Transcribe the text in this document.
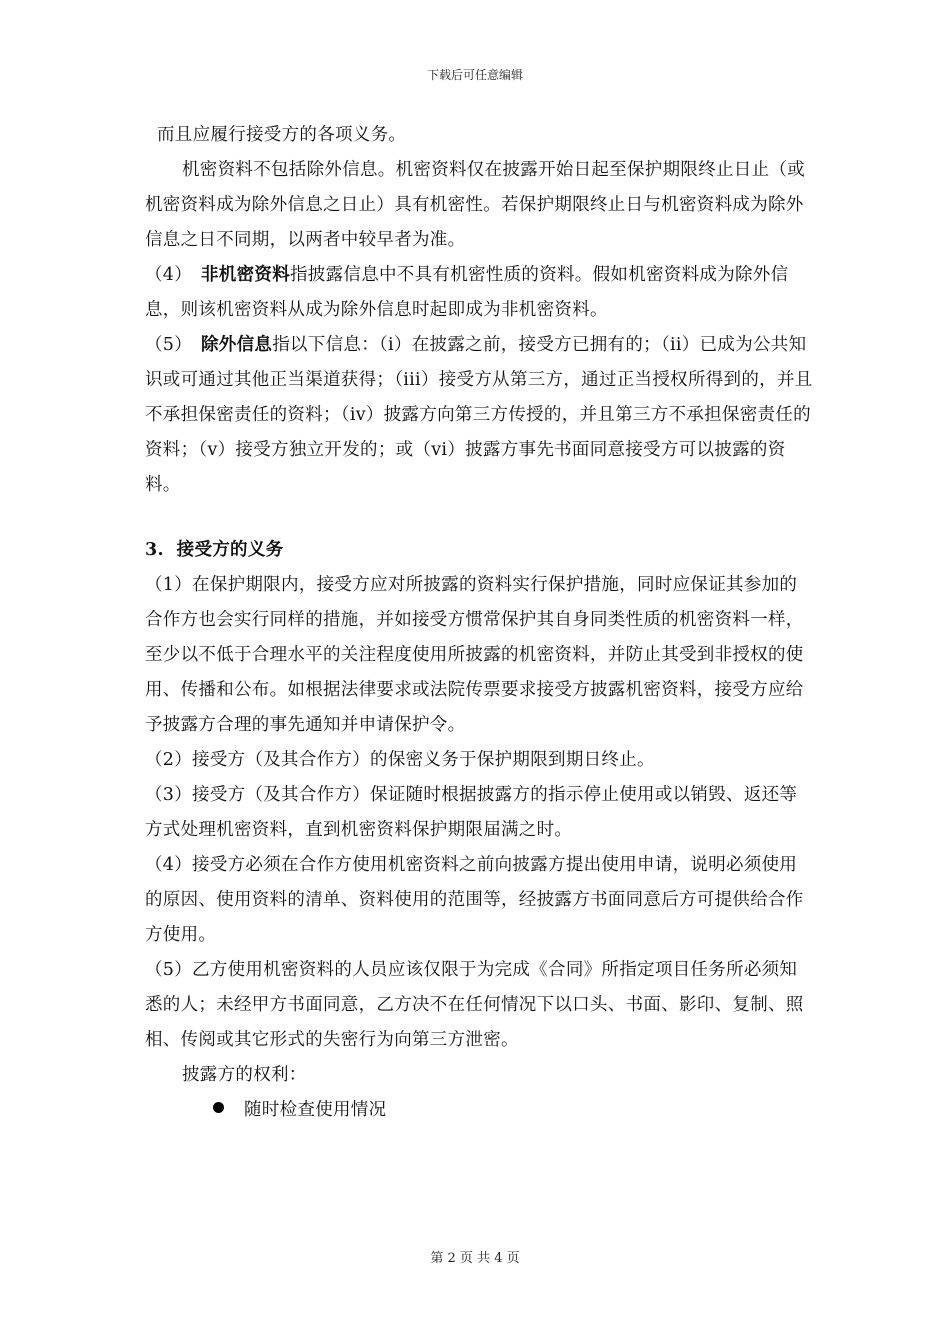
下载后可任意编辑

而且应履行接受方的各项义务。

机密资料不包括除外信息。机密资料仅在披露开始日起至保护期限终止日止（或机密资料成为除外信息之日止）具有机密性。若保护期限终止日与机密资料成为除外信息之日不同期，以两者中较早者为准。

（4） 非机密资料指披露信息中不具有机密性质的资料。假如机密资料成为除外信息，则该机密资料从成为除外信息时起即成为非机密资料。

（5） 除外信息指以下信息：（i）在披露之前，接受方已拥有的；（ii）已成为公共知识或可通过其他正当渠道获得；（iii）接受方从第三方，通过正当授权所得到的，并且不承担保密责任的资料；（iv）披露方向第三方传授的，并且第三方不承担保密责任的资料；（v）接受方独立开发的；或（vi）披露方事先书面同意接受方可以披露的资料。

3.  接受方的义务

（1）在保护期限内，接受方应对所披露的资料实行保护措施，同时应保证其参加的合作方也会实行同样的措施，并如接受方惯常保护其自身同类性质的机密资料一样，至少以不低于合理水平的关注程度使用所披露的机密资料，并防止其受到非授权的使用、传播和公布。如根据法律要求或法院传票要求接受方披露机密资料，接受方应给予披露方合理的事先通知并申请保护令。

（2）接受方（及其合作方）的保密义务于保护期限到期日终止。

（3）接受方（及其合作方）保证随时根据披露方的指示停止使用或以销毁、返还等方式处理机密资料，直到机密资料保护期限届满之时。

（4）接受方必须在合作方使用机密资料之前向披露方提出使用申请，说明必须使用的原因、使用资料的清单、资料使用的范围等，经披露方书面同意后方可提供给合作方使用。

（5）乙方使用机密资料的人员应该仅限于为完成《合同》所指定项目任务所必须知悉的人；未经甲方书面同意，乙方决不在任何情况下以口头、书面、影印、复制、照相、传阅或其它形式的失密行为向第三方泄密。

披露方的权利：

随时检查使用情况

第 2 页 共 4 页
